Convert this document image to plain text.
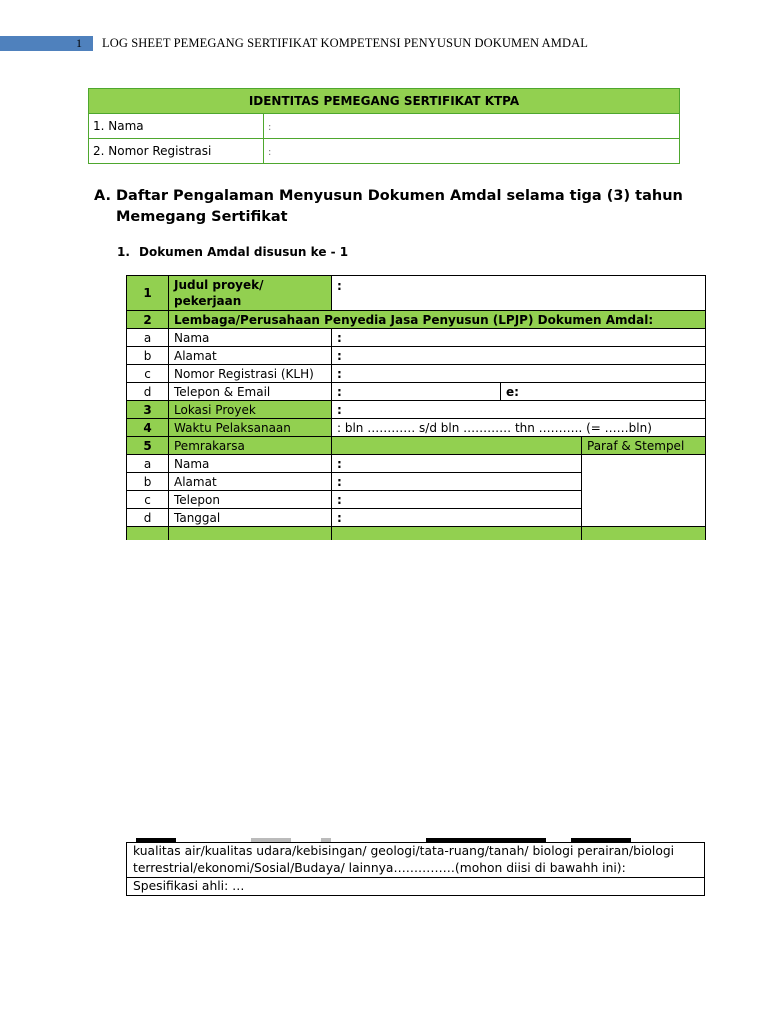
1 LOG SHEET PEMEGANG SERTIFIKAT KOMPETENSI PENYUSUN DOKUMEN AMDAL
IDENTITAS PEMEGANG SERTIFIKAT KTPA	
1. Nama	:
2. Nomor Registrasi	:
A. Daftar Pengalaman Menyusun Dokumen Amdal selama tiga (3) tahun
Memegang Sertifikat
1. Dokumen Amdal disusun ke - 1
1	Judul proyek/
pekerjaan	:		
2	Lembaga/Perusahaan Penyedia Jasa Penyusun (LPJP) Dokumen Amdal:			
a	Nama	:		
b	Alamat	:		
c	Nomor Registrasi (KLH)	:		
d	Telepon & Email	:	e:	
3	Lokasi Proyek	:		
4	Waktu Pelaksanaan	: bln ………… s/d bln ………… thn ……….. (= ……bln)		
5	Pemrakarsa			Paraf & Stempel
a	Nama	:		
b	Alamat	:		
c	Telepon	:		
d	Tanggal	:		

kualitas air/kualitas udara/kebisingan/ geologi/tata-ruang/tanah/ biologi perairan/biologi
terrestrial/ekonomi/Sosial/Budaya/ lainnya……………(mohon diisi di bawahh ini):

Spesifikasi ahli: …
